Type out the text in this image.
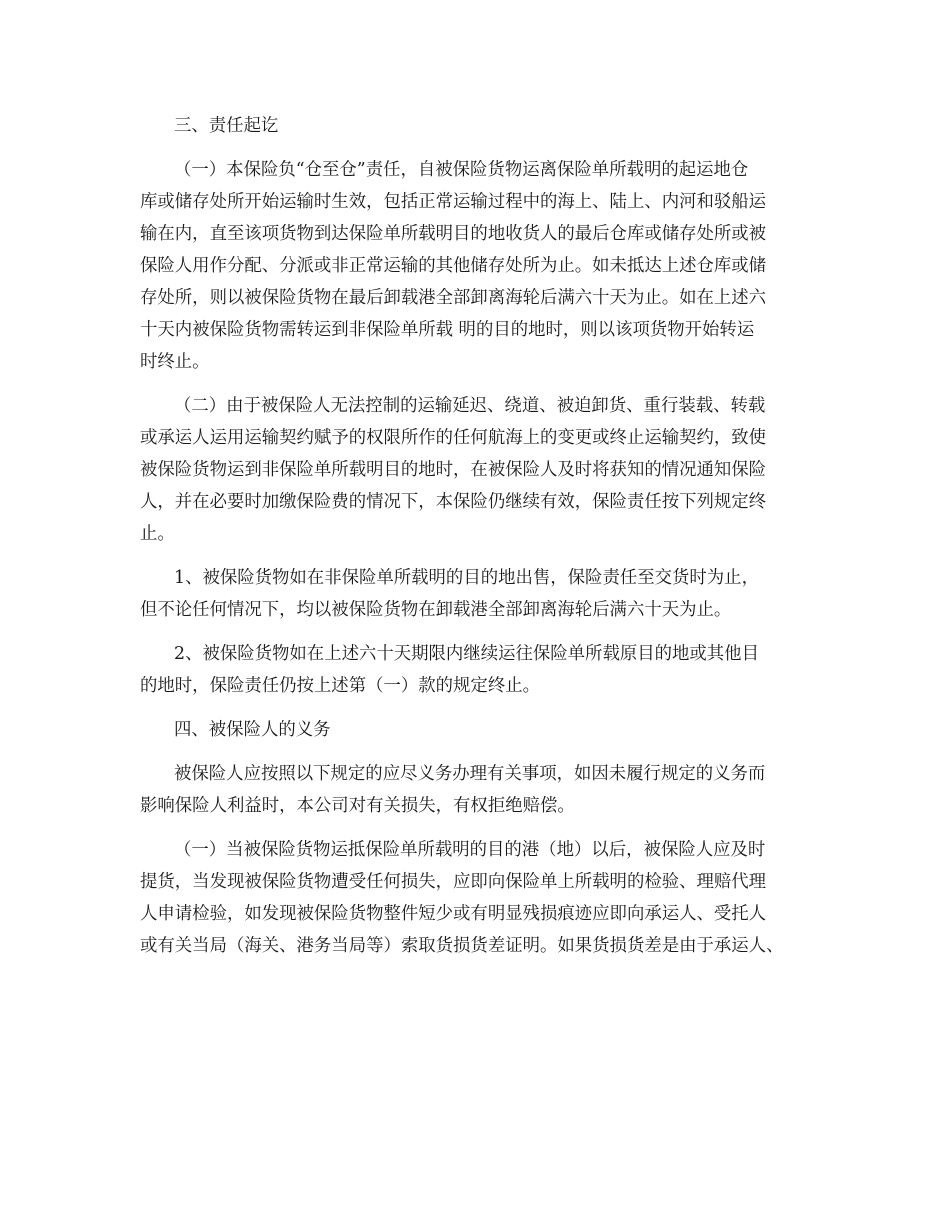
三、责任起讫
（一）本保险负“仓至仓”责任，自被保险货物运离保险单所载明的起运地仓
库或储存处所开始运输时生效，包括正常运输过程中的海上、陆上、内河和驳船运
输在内，直至该项货物到达保险单所载明目的地收货人的最后仓库或储存处所或被
保险人用作分配、分派或非正常运输的其他储存处所为止。如未抵达上述仓库或储
存处所，则以被保险货物在最后卸载港全部卸离海轮后满六十天为止。如在上述六
十天内被保险货物需转运到非保险单所载 明的目的地时，则以该项货物开始转运
时终止。
（二）由于被保险人无法控制的运输延迟、绕道、被迫卸货、重行装载、转载
或承运人运用运输契约赋予的权限所作的任何航海上的变更或终止运输契约，致使
被保险货物运到非保险单所载明目的地时，在被保险人及时将获知的情况通知保险
人，并在必要时加缴保险费的情况下，本保险仍继续有效，保险责任按下列规定终
止。
1、被保险货物如在非保险单所载明的目的地出售，保险责任至交货时为止，
但不论任何情况下，均以被保险货物在卸载港全部卸离海轮后满六十天为止。
2、被保险货物如在上述六十天期限内继续运往保险单所载原目的地或其他目
的地时，保险责任仍按上述第（一）款的规定终止。
四、被保险人的义务
被保险人应按照以下规定的应尽义务办理有关事项，如因未履行规定的义务而
影响保险人利益时，本公司对有关损失，有权拒绝赔偿。
（一）当被保险货物运抵保险单所载明的目的港（地）以后，被保险人应及时
提货，当发现被保险货物遭受任何损失，应即向保险单上所载明的检验、理赔代理
人申请检验，如发现被保险货物整件短少或有明显残损痕迹应即向承运人、受托人
或有关当局（海关、港务当局等）索取货损货差证明。如果货损货差是由于承运人、
